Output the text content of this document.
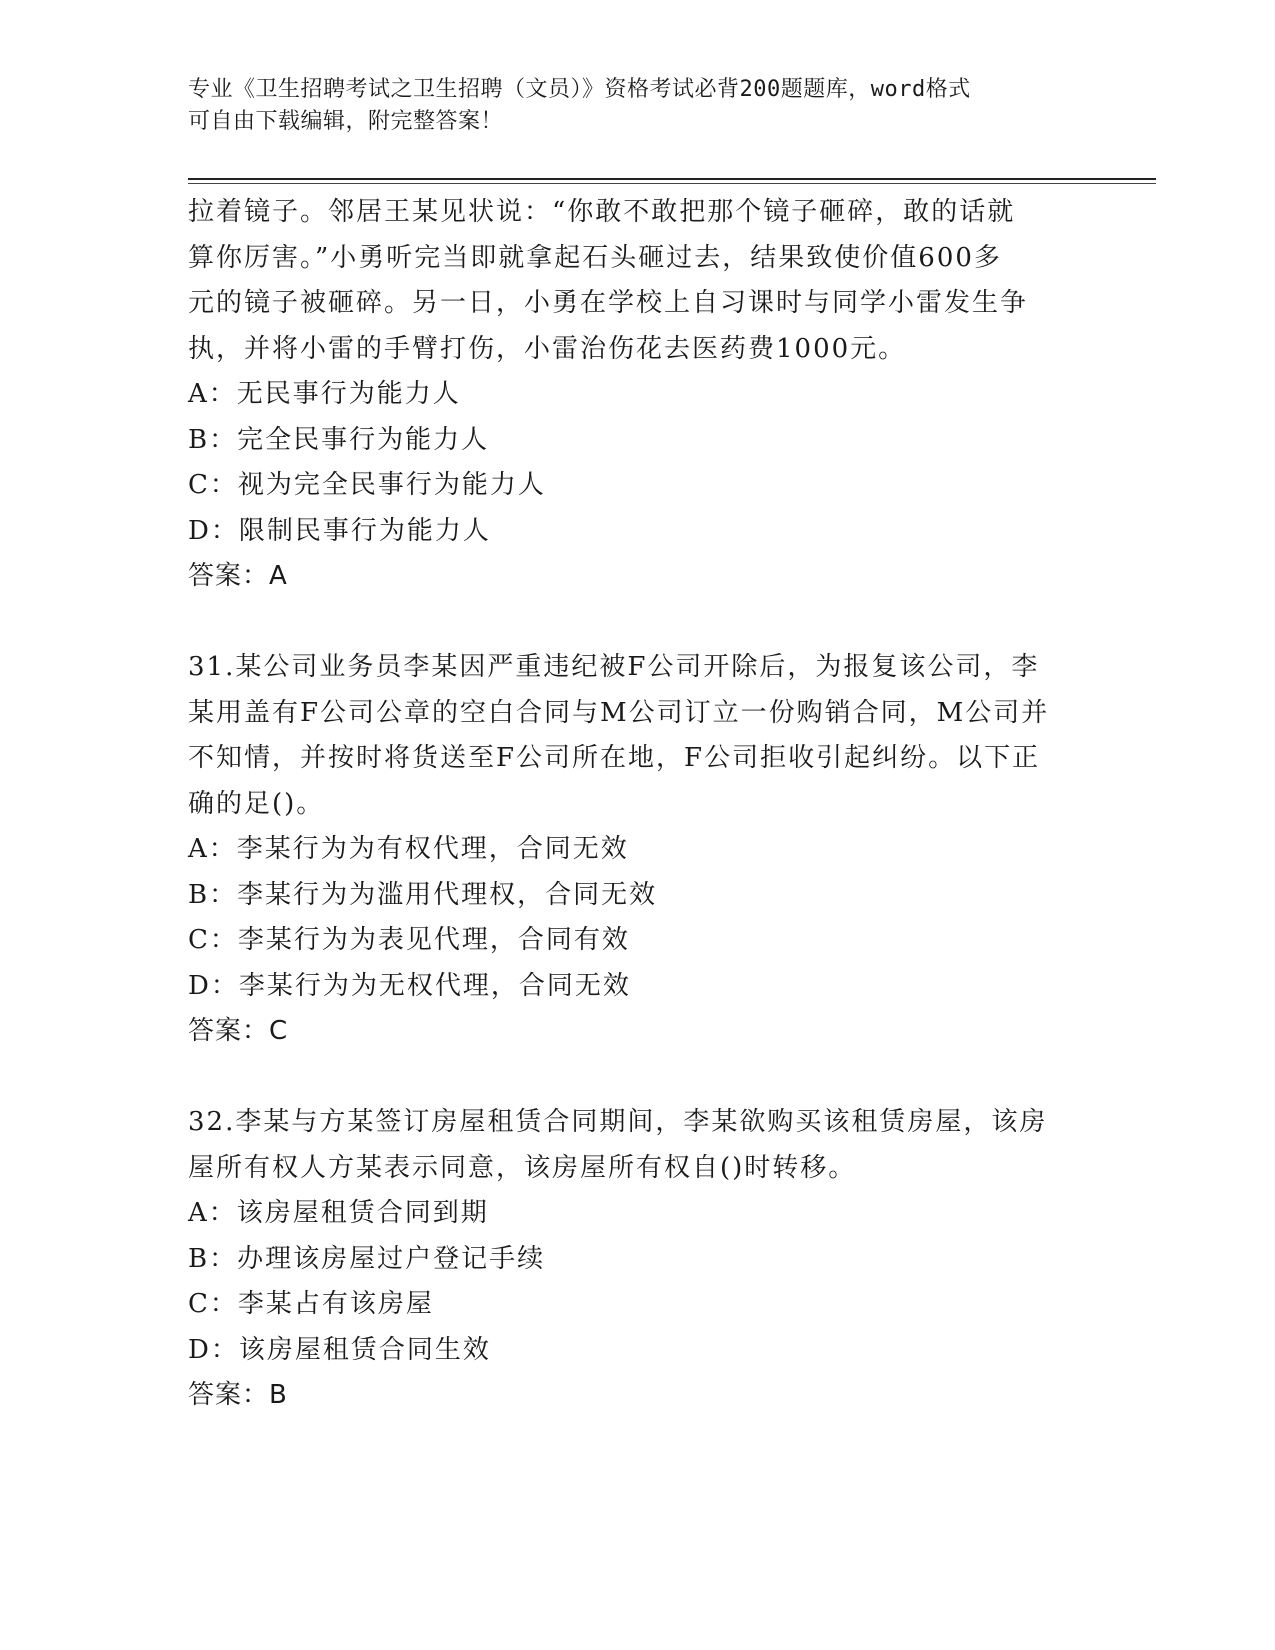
专业《卫生招聘考试之卫生招聘（文员）》资格考试必背200题题库，word格式
可自由下载编辑，附完整答案！
拉着镜子。邻居王某见状说：“你敢不敢把那个镜子砸碎，敢的话就
算你厉害。”小勇听完当即就拿起石头砸过去，结果致使价值600多
元的镜子被砸碎。另一日，小勇在学校上自习课时与同学小雷发生争
执，并将小雷的手臂打伤，小雷治伤花去医药费1000元。
A：无民事行为能力人
B：完全民事行为能力人
C：视为完全民事行为能力人
D：限制民事行为能力人
答案：A
31.某公司业务员李某因严重违纪被F公司开除后，为报复该公司，李
某用盖有F公司公章的空白合同与M公司订立一份购销合同，M公司并
不知情，并按时将货送至F公司所在地，F公司拒收引起纠纷。以下正
确的足()。
A：李某行为为有权代理，合同无效
B：李某行为为滥用代理权，合同无效
C：李某行为为表见代理，合同有效
D：李某行为为无权代理，合同无效
答案：C
32.李某与方某签订房屋租赁合同期间，李某欲购买该租赁房屋，该房
屋所有权人方某表示同意，该房屋所有权自()时转移。
A：该房屋租赁合同到期
B：办理该房屋过户登记手续
C：李某占有该房屋
D：该房屋租赁合同生效
答案：B
